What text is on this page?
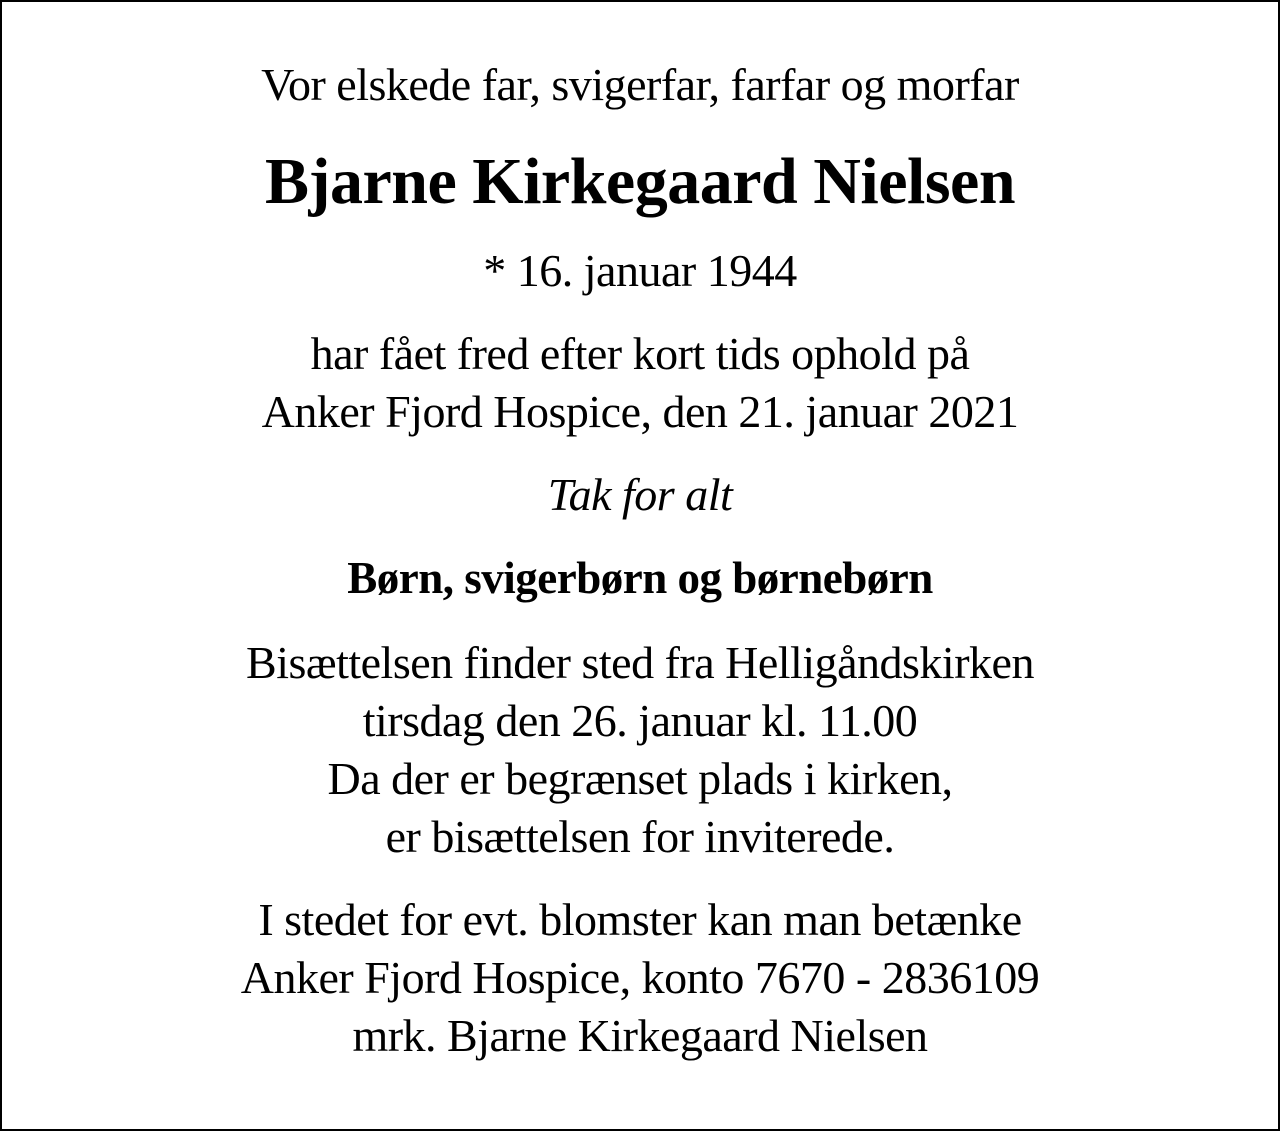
Vor elskede far, svigerfar, farfar og morfar

Bjarne Kirkegaard Nielsen

* 16. januar 1944

har fået fred efter kort tids ophold på
Anker Fjord Hospice, den 21. januar 2021

Tak for alt

Børn, svigerbørn og børnebørn

Bisættelsen finder sted fra Helligåndskirken
tirsdag den 26. januar kl. 11.00
Da der er begrænset plads i kirken,
er bisættelsen for inviterede.
I stedet for evt. blomster kan man betænke
Anker Fjord Hospice, konto 7670 - 2836109
mrk. Bjarne Kirkegaard Nielsen
